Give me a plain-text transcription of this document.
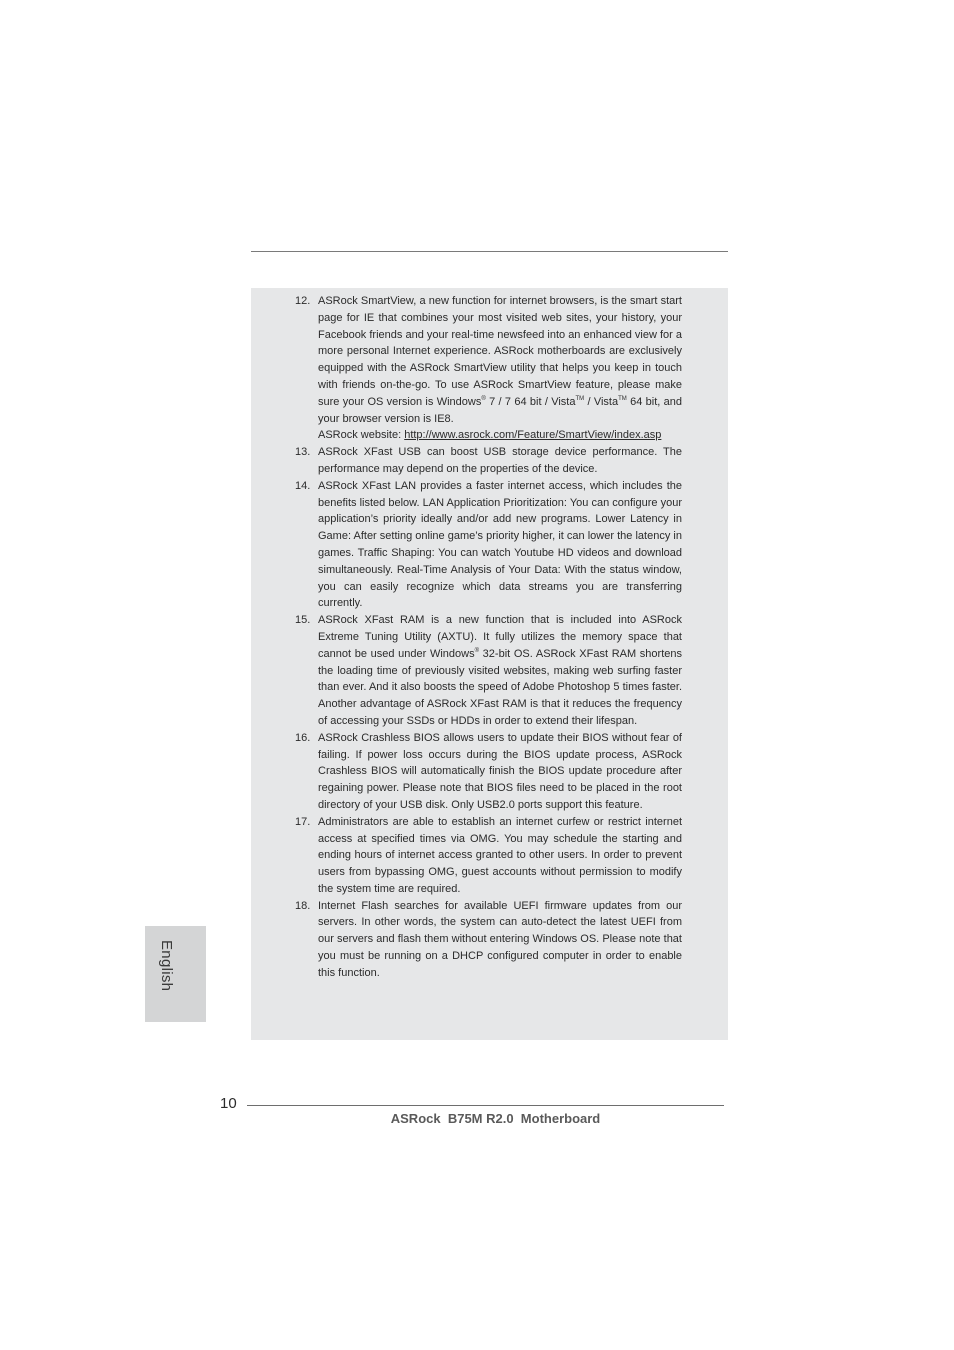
12. ASRock SmartView, a new function for internet browsers, is the smart start page for IE that combines your most visited web sites, your history, your Facebook friends and your real-time newsfeed into an enhanced view for a more personal Internet experience. ASRock motherboards are exclusively equipped with the ASRock SmartView utility that helps you keep in touch with friends on-the-go. To use ASRock SmartView feature, please make sure your OS version is Windows® 7 / 7 64 bit / Vista™ / Vista™ 64 bit, and your browser version is IE8.
ASRock website: http://www.asrock.com/Feature/SmartView/index.asp
13. ASRock XFast USB can boost USB storage device performance. The performance may depend on the properties of the device.
14. ASRock XFast LAN provides a faster internet access, which includes the benefits listed below. LAN Application Prioritization: You can configure your application’s priority ideally and/or add new programs. Lower Latency in Game: After setting online game’s priority higher, it can lower the latency in games. Traffic Shaping: You can watch Youtube HD videos and download simultaneously. Real-Time Analysis of Your Data: With the status window, you can easily recognize which data streams you are transferring currently.
15. ASRock XFast RAM is a new function that is included into ASRock Extreme Tuning Utility (AXTU). It fully utilizes the memory space that cannot be used under Windows® 32-bit OS. ASRock XFast RAM shortens the loading time of previously visited websites, making web surfing faster than ever. And it also boosts the speed of Adobe Photoshop 5 times faster. Another advantage of ASRock XFast RAM is that it reduces the frequency of accessing your SSDs or HDDs in order to extend their lifespan.
16. ASRock Crashless BIOS allows users to update their BIOS without fear of failing. If power loss occurs during the BIOS update process, ASRock Crashless BIOS will automatically finish the BIOS update procedure after regaining power. Please note that BIOS files need to be placed in the root directory of your USB disk. Only USB2.0 ports support this feature.
17. Administrators are able to establish an internet curfew or restrict internet access at specified times via OMG. You may schedule the starting and ending hours of internet access granted to other users. In order to prevent users from bypassing OMG, guest accounts without permission to modify the system time are required.
18. Internet Flash searches for available UEFI firmware updates from our servers. In other words, the system can auto-detect the latest UEFI from our servers and flash them without entering Windows OS. Please note that you must be running on a DHCP configured computer in order to enable this function.
English
10
ASRock  B75M R2.0  Motherboard
